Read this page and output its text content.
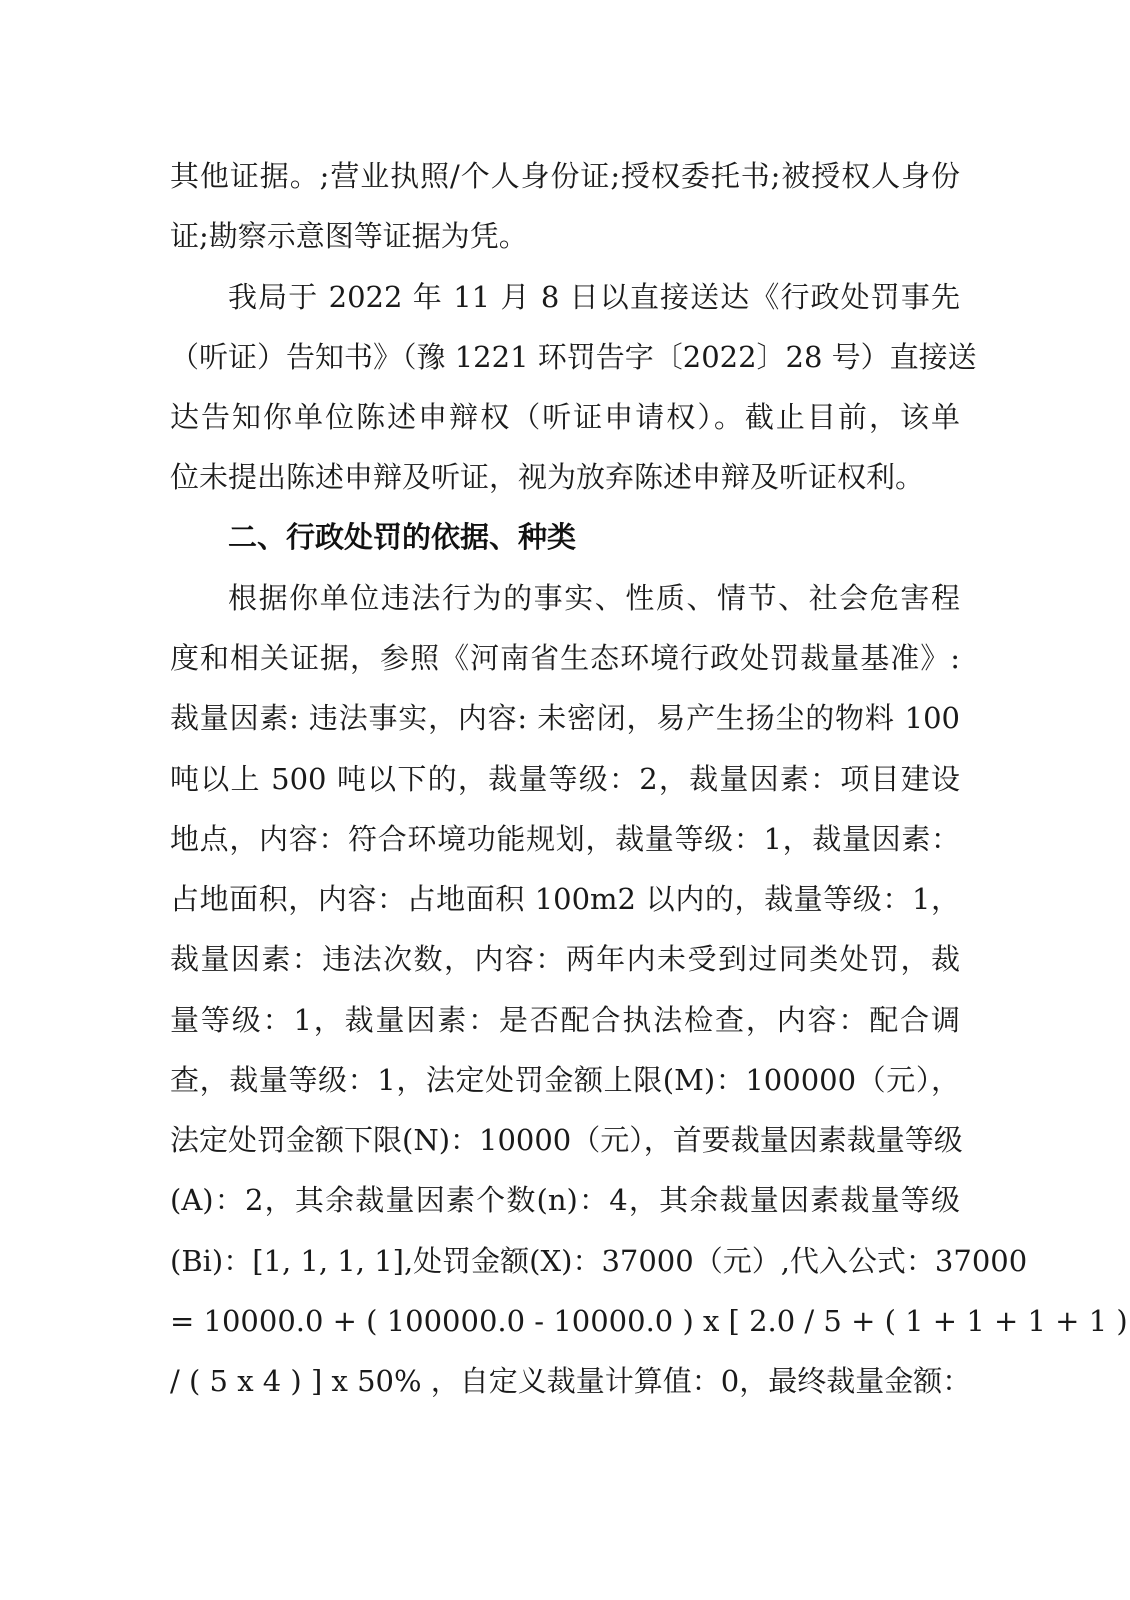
其他证据。;营业执照/个人身份证;授权委托书;被授权人身份
证;勘察示意图等证据为凭。
我局于 2022 年 11 月 8 日以直接送达《行政处罚事先
（听证）告知书》（豫 1221 环罚告字〔2022〕28 号）直接送
达告知你单位陈述申辩权（听证申请权）。截止目前，该单
位未提出陈述申辩及听证，视为放弃陈述申辩及听证权利。
二、行政处罚的依据、种类
根据你单位违法行为的事实、性质、情节、社会危害程
度和相关证据，参照《河南省生态环境行政处罚裁量基准》:
裁量因素: 违法事实，内容: 未密闭，易产生扬尘的物料 100
吨以上 500 吨以下的，裁量等级：2，裁量因素：项目建设
地点，内容：符合环境功能规划，裁量等级：1，裁量因素：
占地面积，内容：占地面积 100m2 以内的，裁量等级：1，
裁量因素：违法次数，内容：两年内未受到过同类处罚，裁
量等级：1，裁量因素：是否配合执法检查，内容：配合调
查，裁量等级：1，法定处罚金额上限(M)：100000（元），
法定处罚金额下限(N)：10000（元），首要裁量因素裁量等级
(A)：2，其余裁量因素个数(n)：4，其余裁量因素裁量等级
(Bi)：[1, 1, 1, 1],处罚金额(X)：37000（元）,代入公式：37000
= 10000.0 + ( 100000.0 - 10000.0 ) x [ 2.0 / 5 + ( 1 + 1 + 1 + 1 )
/ ( 5 x 4 ) ] x 50% ，自定义裁量计算值：0，最终裁量金额：
